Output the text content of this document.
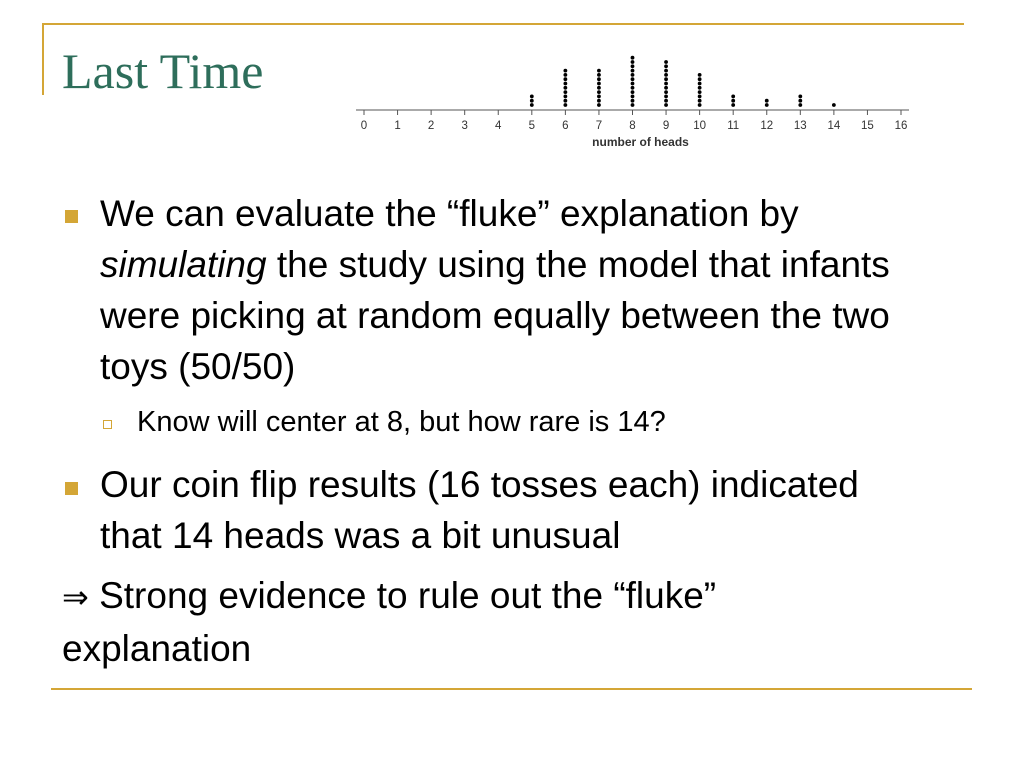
Last Time
0 1 2 3 4 5 6 7 8 9 10 11 12 13 14 15 16
number of heads
We can evaluate the “fluke” explanation by simulating the study using the model that infants were picking at random equally between the two toys (50/50)
Know will center at 8, but how rare is 14?
Our coin flip results (16 tosses each) indicated that 14 heads was a bit unusual
⇒ Strong evidence to rule out the “fluke” explanation
